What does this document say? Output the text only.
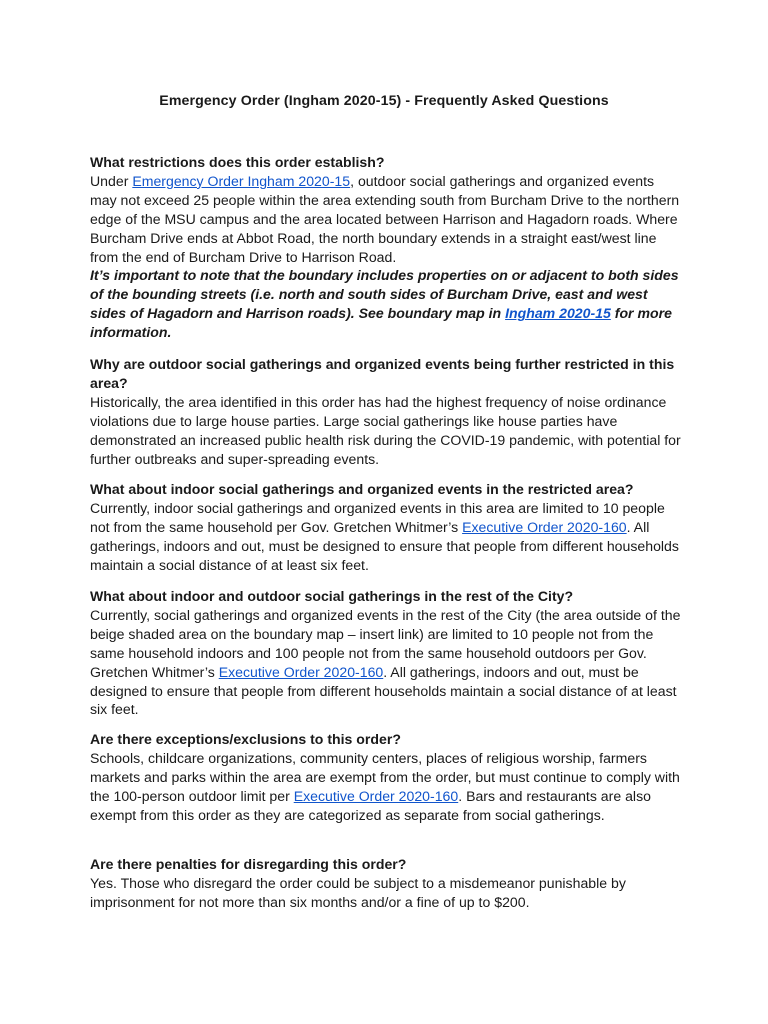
Emergency Order (Ingham 2020-15) - Frequently Asked Questions
What restrictions does this order establish?
Under Emergency Order Ingham 2020-15, outdoor social gatherings and organized events may not exceed 25 people within the area extending south from Burcham Drive to the northern edge of the MSU campus and the area located between Harrison and Hagadorn roads. Where Burcham Drive ends at Abbot Road, the north boundary extends in a straight east/west line from the end of Burcham Drive to Harrison Road.
It’s important to note that the boundary includes properties on or adjacent to both sides of the bounding streets (i.e. north and south sides of Burcham Drive, east and west sides of Hagadorn and Harrison roads). See boundary map in Ingham 2020-15 for more information.
Why are outdoor social gatherings and organized events being further restricted in this area?
Historically, the area identified in this order has had the highest frequency of noise ordinance violations due to large house parties. Large social gatherings like house parties have demonstrated an increased public health risk during the COVID-19 pandemic, with potential for further outbreaks and super-spreading events.
What about indoor social gatherings and organized events in the restricted area?
Currently, indoor social gatherings and organized events in this area are limited to 10 people not from the same household per Gov. Gretchen Whitmer’s Executive Order 2020-160. All gatherings, indoors and out, must be designed to ensure that people from different households maintain a social distance of at least six feet.
What about indoor and outdoor social gatherings in the rest of the City?
Currently, social gatherings and organized events in the rest of the City (the area outside of the beige shaded area on the boundary map – insert link) are limited to 10 people not from the same household indoors and 100 people not from the same household outdoors per Gov. Gretchen Whitmer’s Executive Order 2020-160. All gatherings, indoors and out, must be designed to ensure that people from different households maintain a social distance of at least six feet.
Are there exceptions/exclusions to this order?
Schools, childcare organizations, community centers, places of religious worship, farmers markets and parks within the area are exempt from the order, but must continue to comply with the 100-person outdoor limit per Executive Order 2020-160. Bars and restaurants are also exempt from this order as they are categorized as separate from social gatherings.
Are there penalties for disregarding this order?
Yes. Those who disregard the order could be subject to a misdemeanor punishable by imprisonment for not more than six months and/or a fine of up to $200.
